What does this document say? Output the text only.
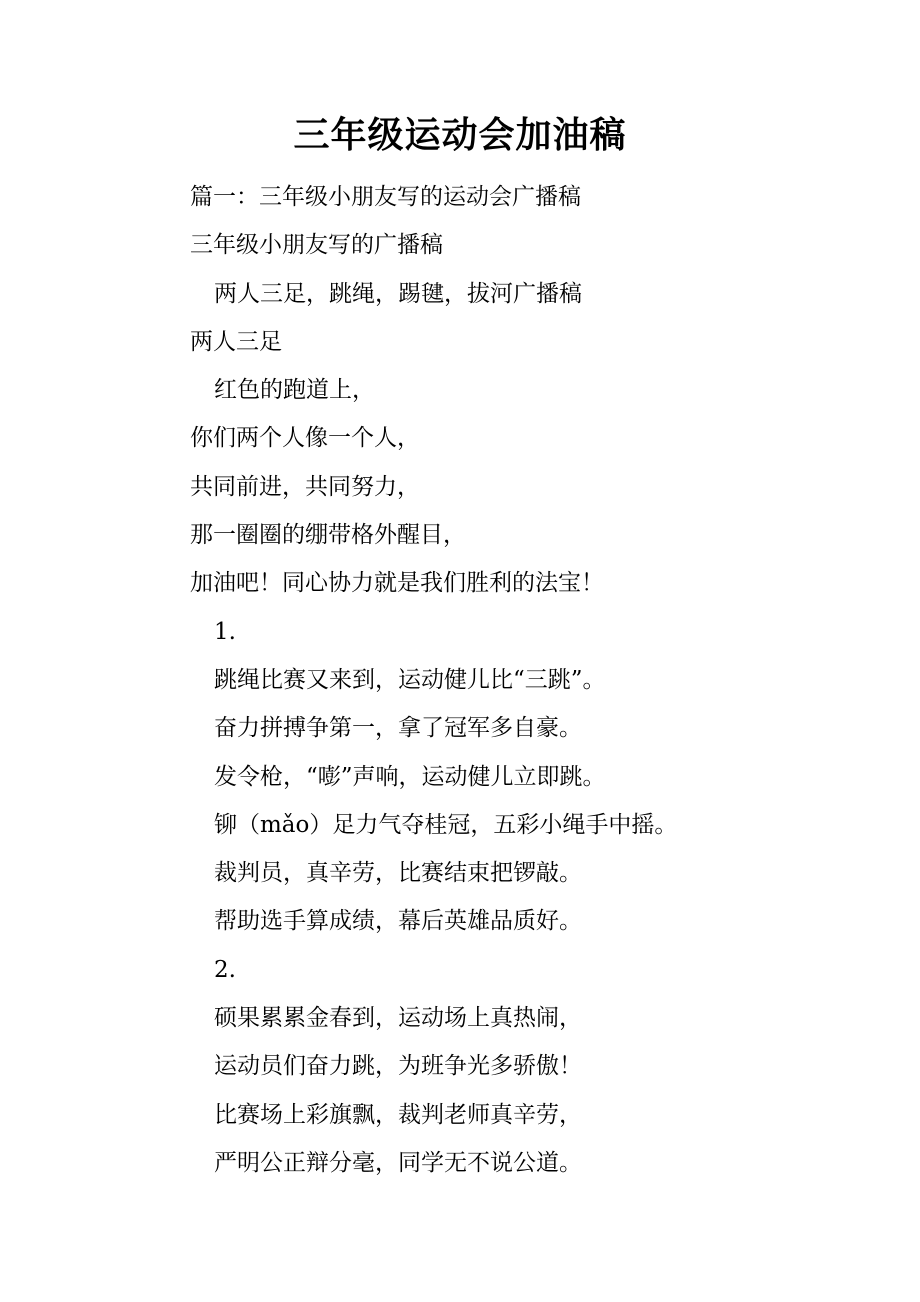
三年级运动会加油稿
篇一：三年级小朋友写的运动会广播稿
三年级小朋友写的广播稿
两人三足，跳绳，踢毽，拔河广播稿
两人三足
红色的跑道上，
你们两个人像一个人，
共同前进，共同努力，
那一圈圈的绷带格外醒目，
加油吧！同心协力就是我们胜利的法宝！
1.
跳绳比赛又来到，运动健儿比“三跳”。
奋力拼搏争第一，拿了冠军多自豪。
发令枪，“嘭”声响，运动健儿立即跳。
铆（mǎo）足力气夺桂冠，五彩小绳手中摇。
裁判员，真辛劳，比赛结束把锣敲。
帮助选手算成绩，幕后英雄品质好。
2.
硕果累累金春到，运动场上真热闹，
运动员们奋力跳，为班争光多骄傲！
比赛场上彩旗飘，裁判老师真辛劳，
严明公正辩分毫，同学无不说公道。
